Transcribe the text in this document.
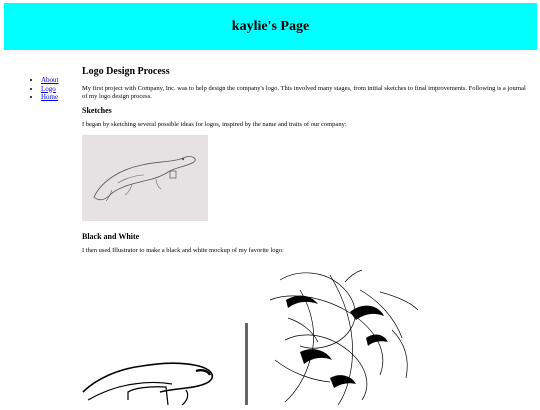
kaylie's Page
• About
• Logo
• Home
Logo Design Process

My first project with Company, Inc. was to help design the company's logo. This involved many stages, from initial sketches to final improvements. Following is a journal of my logo design process.

Sketches

I began by sketching several possible ideas for logos, inspired by the name and traits of our company:

Black and White

I then used Illustrator to make a black and white mockup of my favorite logo:
